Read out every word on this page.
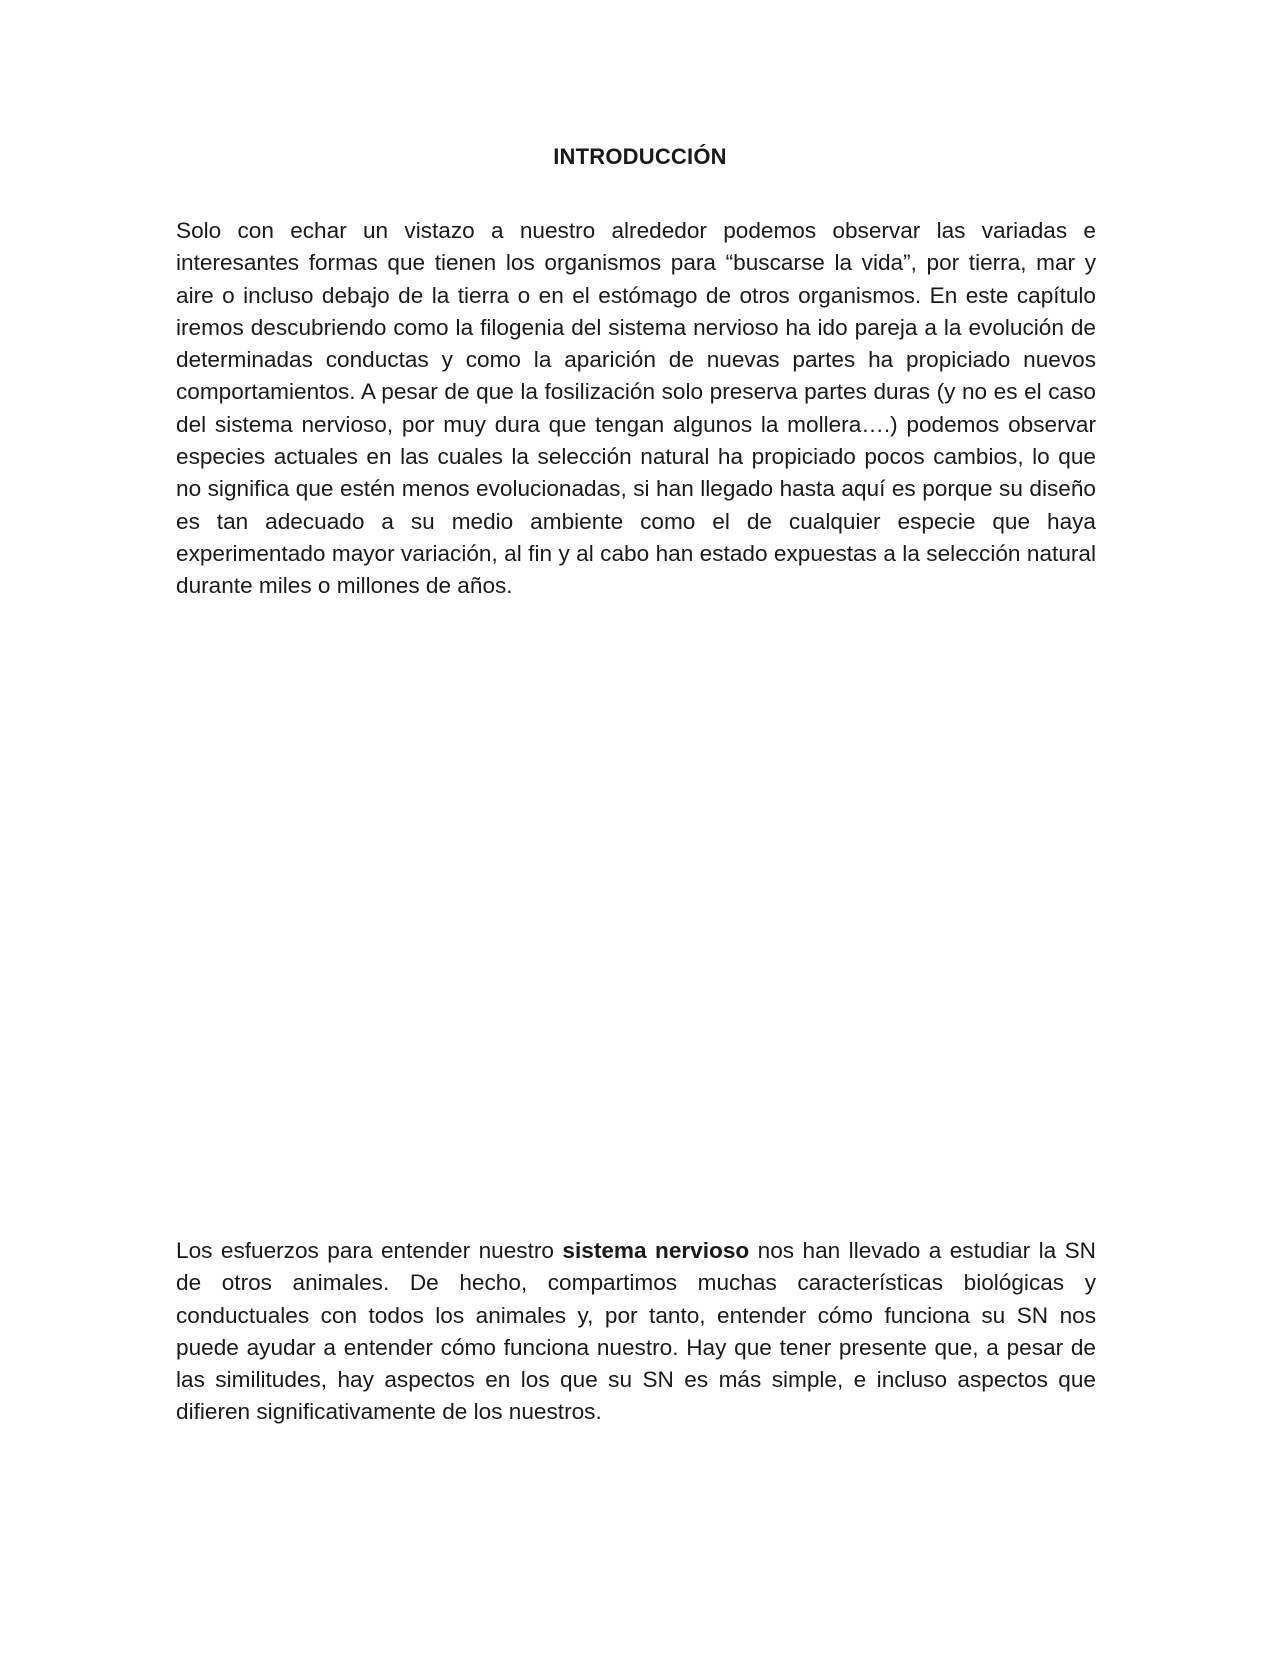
INTRODUCCIÓN

Solo con echar un vistazo a nuestro alrededor podemos observar las variadas e interesantes formas que tienen los organismos para “buscarse la vida”, por tierra, mar y aire o incluso debajo de la tierra o en el estómago de otros organismos. En este capítulo iremos descubriendo como la filogenia del sistema nervioso ha ido pareja a la evolución de determinadas conductas y como la aparición de nuevas partes ha propiciado nuevos comportamientos. A pesar de que la fosilización solo preserva partes duras (y no es el caso del sistema nervioso, por muy dura que tengan algunos la mollera….) podemos observar especies actuales en las cuales la selección natural ha propiciado pocos cambios, lo que no significa que estén menos evolucionadas, si han llegado hasta aquí es porque su diseño es tan adecuado a su medio ambiente como el de cualquier especie que haya experimentado mayor variación, al fin y al cabo han estado expuestas a la selección natural durante miles o millones de años.

Los esfuerzos para entender nuestro sistema nervioso nos han llevado a estudiar la SN de otros animales. De hecho, compartimos muchas características biológicas y conductuales con todos los animales y, por tanto, entender cómo funciona su SN nos puede ayudar a entender cómo funciona nuestro. Hay que tener presente que, a pesar de las similitudes, hay aspectos en los que su SN es más simple, e incluso aspectos que difieren significativamente de los nuestros.
